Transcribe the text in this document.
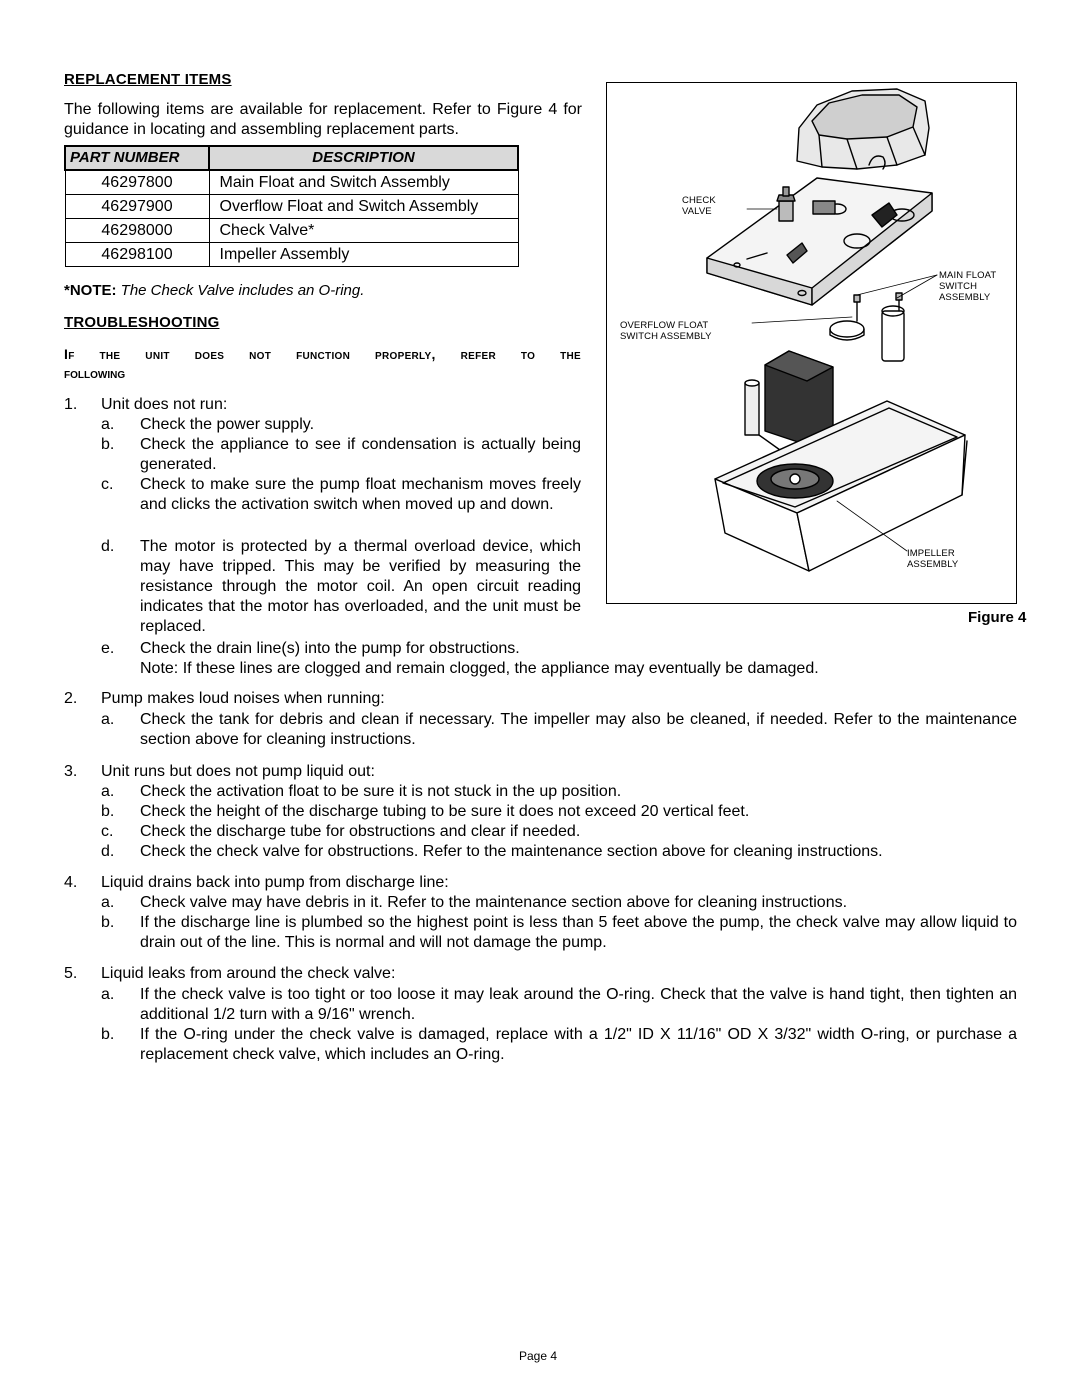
REPLACEMENT ITEMS
The following items are available for replacement. Refer to Figure 4 for guidance in locating and assembling replacement parts.
PART NUMBER	DESCRIPTION
46297800	Main Float and Switch Assembly
46297900	Overflow Float and Switch Assembly
46298000	Check Valve*
46298100	Impeller Assembly
*NOTE: The Check Valve includes an O-ring.
TROUBLESHOOTING
If the unit does not function properly, refer to the
following
1. Unit does not run:
a. Check the power supply.
b. Check the appliance to see if condensation is actually being generated.
c. Check to make sure the pump float mechanism moves freely and clicks the activation switch when moved up and down.
d. The motor is protected by a thermal overload device, which may have tripped. This may be verified by measuring the resistance through the motor coil. An open circuit reading indicates that the motor has overloaded, and the unit must be replaced.
e. Check the drain line(s) into the pump for obstructions.
Note: If these lines are clogged and remain clogged, the appliance may eventually be damaged.
2. Pump makes loud noises when running:
a. Check the tank for debris and clean if necessary. The impeller may also be cleaned, if needed. Refer to the maintenance section above for cleaning instructions.
3. Unit runs but does not pump liquid out:
a. Check the activation float to be sure it is not stuck in the up position.
b. Check the height of the discharge tubing to be sure it does not exceed 20 vertical feet.
c. Check the discharge tube for obstructions and clear if needed.
d. Check the check valve for obstructions. Refer to the maintenance section above for cleaning instructions.
4. Liquid drains back into pump from discharge line:
a. Check valve may have debris in it. Refer to the maintenance section above for cleaning instructions.
b. If the discharge line is plumbed so the highest point is less than 5 feet above the pump, the check valve may allow liquid to drain out of the line. This is normal and will not damage the pump.
5. Liquid leaks from around the check valve:
a. If the check valve is too tight or too loose it may leak around the O-ring. Check that the valve is hand tight, then tighten an additional 1/2 turn with a 9/16" wrench.
b. If the O-ring under the check valve is damaged, replace with a 1/2" ID X 11/16" OD X 3/32" width O-ring, or purchase a replacement check valve, which includes an O-ring.
CHECK
VALVE
MAIN FLOAT
SWITCH
ASSEMBLY
OVERFLOW FLOAT
SWITCH ASSEMBLY
IMPELLER
ASSEMBLY
Figure 4
Page 4
